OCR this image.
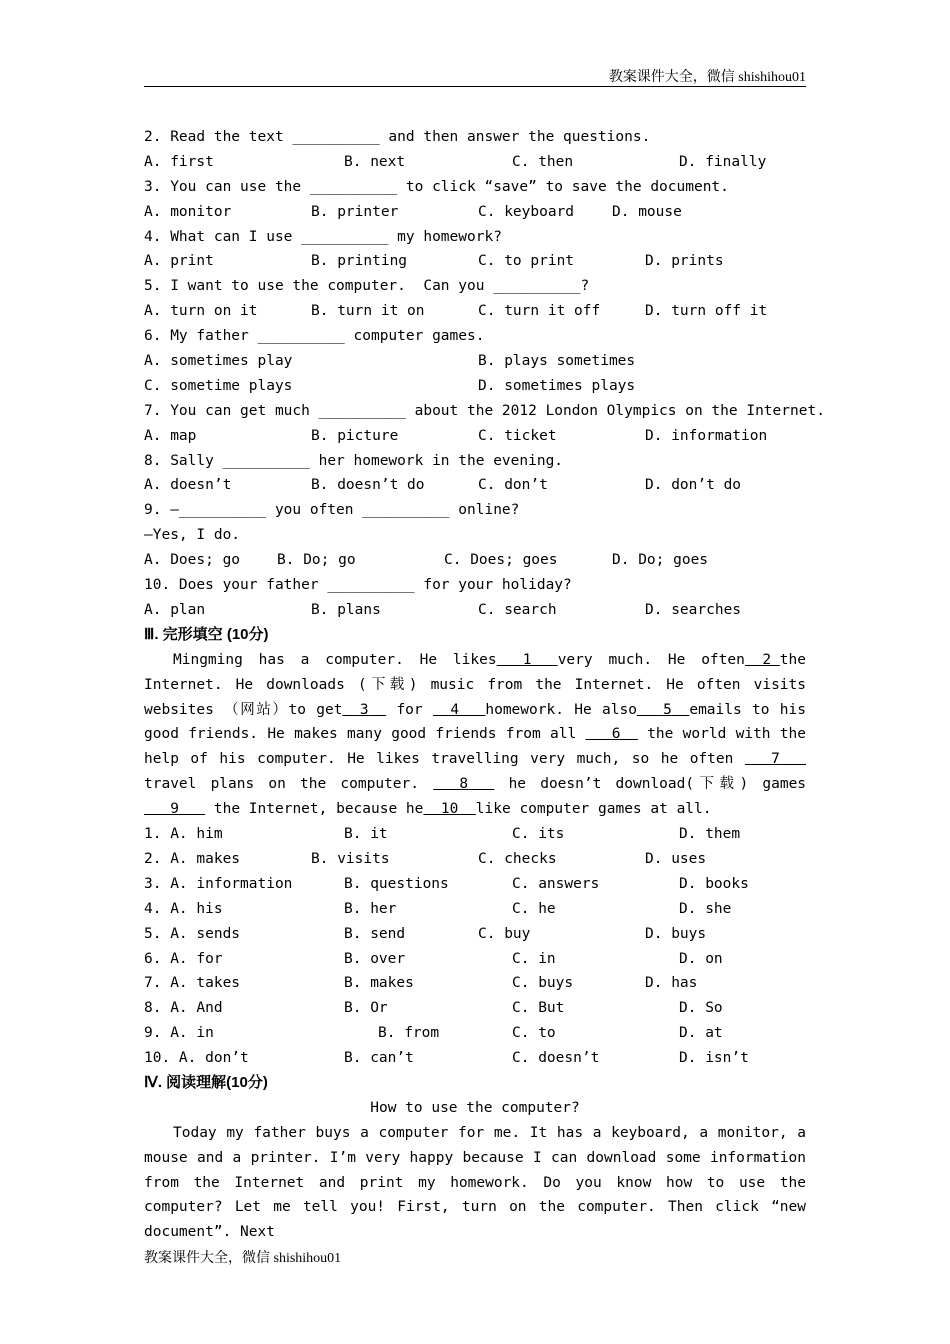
教案课件大全，微信 shishihou01
2. Read the text __________ and then answer the questions.

A. first

	B. next

	C. then

	D. finally

3. You can use the __________ to click “save” to save the document.

A. monitor

	B. printer

	C. keyboard

	D. mouse

4. What can I use __________ my homework?

A. print

	B. printing

	C. to print

	D. prints

5. I want to use the computer.  Can you __________?

A. turn on it

	B. turn it on

	C. turn it off

	D. turn off it

6. My father __________ computer games.

A. sometimes play

	B. plays sometimes

C. sometime plays

	D. sometimes plays

7. You can get much __________ about the 2012 London Olympics on the Internet.

A. map

	B. picture

	C. ticket

	D. information

8. Sally __________ her homework in the evening.

A. doesn’t

	B. doesn’t do

	C. don’t

	D. don’t do

9. —__________ you often __________ online?
—Yes, I do.

A. Does; go

	B. Do; go

	C. Does; goes

	D. Do; goes

10. Does your father __________ for your holiday?

A. plan

	B. plans

	C. search

	D. searches

Ⅲ. 完形填空 (10分)
Mingming has a computer. He likes    1    very much. He often   2  the Internet. He downloads (下载) music from the Internet. He often visits websites （网站）to get   3   for    4    homework. He also    5   emails to his good friends. He makes many good friends from all     6   the world with the help of his computer. He likes travelling very much, so he often    	7    travel plans on the computer.    	8   	he doesn’t download(下载) games    9    the Internet, because he   10   like computer games at all.

1. A. him

	B. it

	C. its

	D. them

2. A. makes

	B. visits

	C. checks

	D. uses

3. A. information

	B. questions

	C. answers

	D. books

4. A. his

	B. her

	C. he

	D. she

5. A. sends

	B. send

	C. buy

	D. buys

6. A. for

	B. over

	C. in

	D. on

7. A. takes

	B. makes

	C. buys

	D. has

8. A. And

	B. Or

	C. But

	D. So

9. A. in

	B. from

	C. to

	D. at

10. A. don’t

	B. can’t

	C. doesn’t

	D. isn’t

Ⅳ. 阅读理解(10分)
How to use the computer?
Today my father buys a computer for me. It has a keyboard, a monitor, a mouse and a printer. I’m very happy because I can download some information from the Internet and print my homework. Do you know how to use the computer? Let me tell you! First, turn on the computer. Then click “new document”. Next
教案课件大全，微信 shishihou01
